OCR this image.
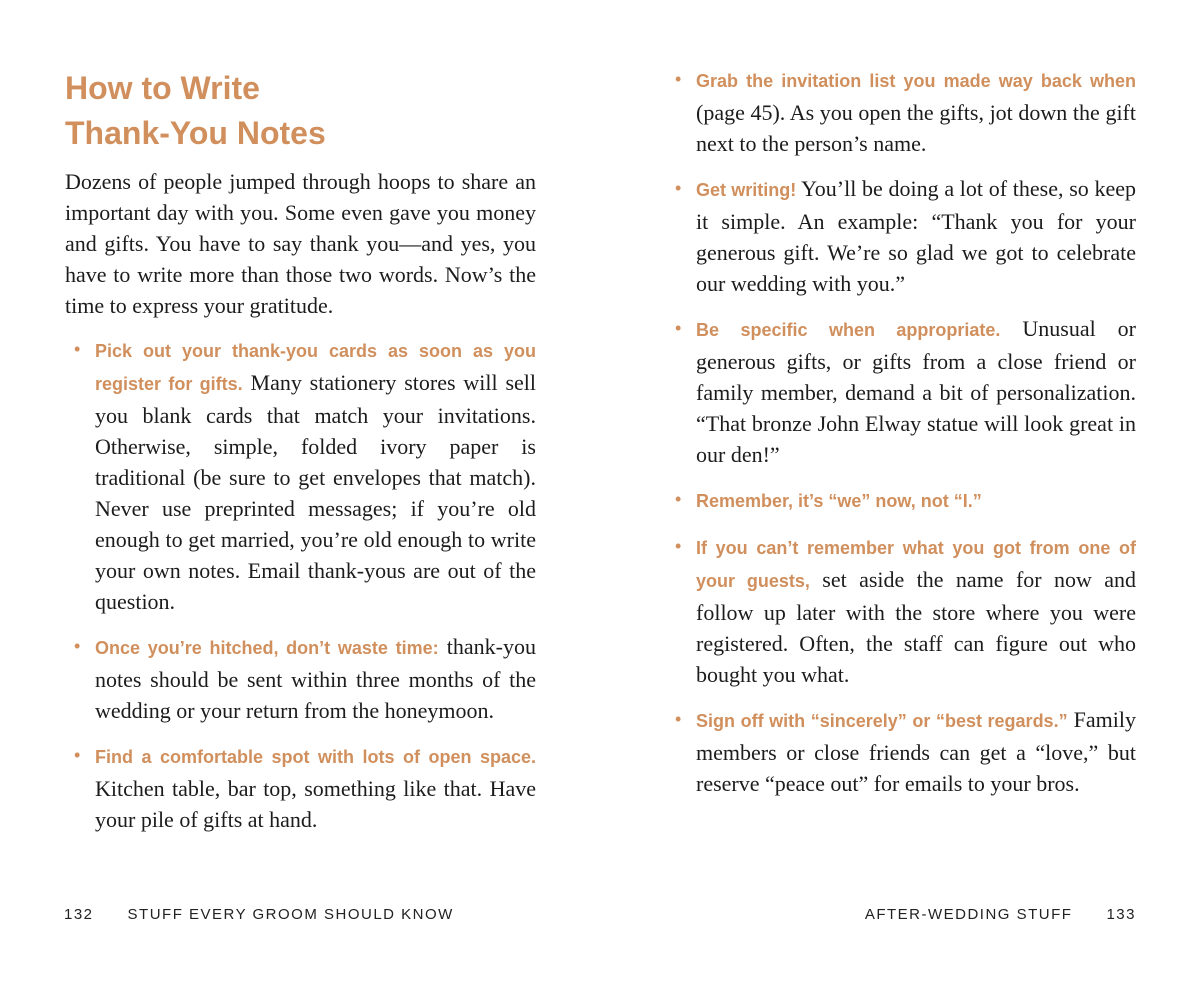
How to Write
Thank-You Notes

Dozens of people jumped through hoops to share an important day with you. Some even gave you money and gifts. You have to say thank you—and yes, you have to write more than those two words. Now’s the time to express your gratitude.

• Pick out your thank-you cards as soon as you register for gifts. Many stationery stores will sell you blank cards that match your invitations. Otherwise, simple, folded ivory paper is traditional (be sure to get envelopes that match). Never use preprinted messages; if you’re old enough to get married, you’re old enough to write your own notes. Email thank-yous are out of the question.
• Once you’re hitched, don’t waste time: thank-you notes should be sent within three months of the wedding or your return from the honeymoon.
• Find a comfortable spot with lots of open space. Kitchen table, bar top, something like that. Have your pile of gifts at hand.
• Grab the invitation list you made way back when (page 45). As you open the gifts, jot down the gift next to the person’s name.
• Get writing! You’ll be doing a lot of these, so keep it simple. An example: “Thank you for your generous gift. We’re so glad we got to celebrate our wedding with you.”
• Be specific when appropriate. Unusual or generous gifts, or gifts from a close friend or family member, demand a bit of personalization. “That bronze John Elway statue will look great in our den!”
• Remember, it’s “we” now, not “I.”
• If you can’t remember what you got from one of your guests, set aside the name for now and follow up later with the store where you were registered. Often, the staff can figure out who bought you what.
• Sign off with “sincerely” or “best regards.” Family members or close friends can get a “love,” but reserve “peace out” for emails to your bros.
132 STUFF EVERY GROOM SHOULD KNOW	AFTER-WEDDING STUFF 133
